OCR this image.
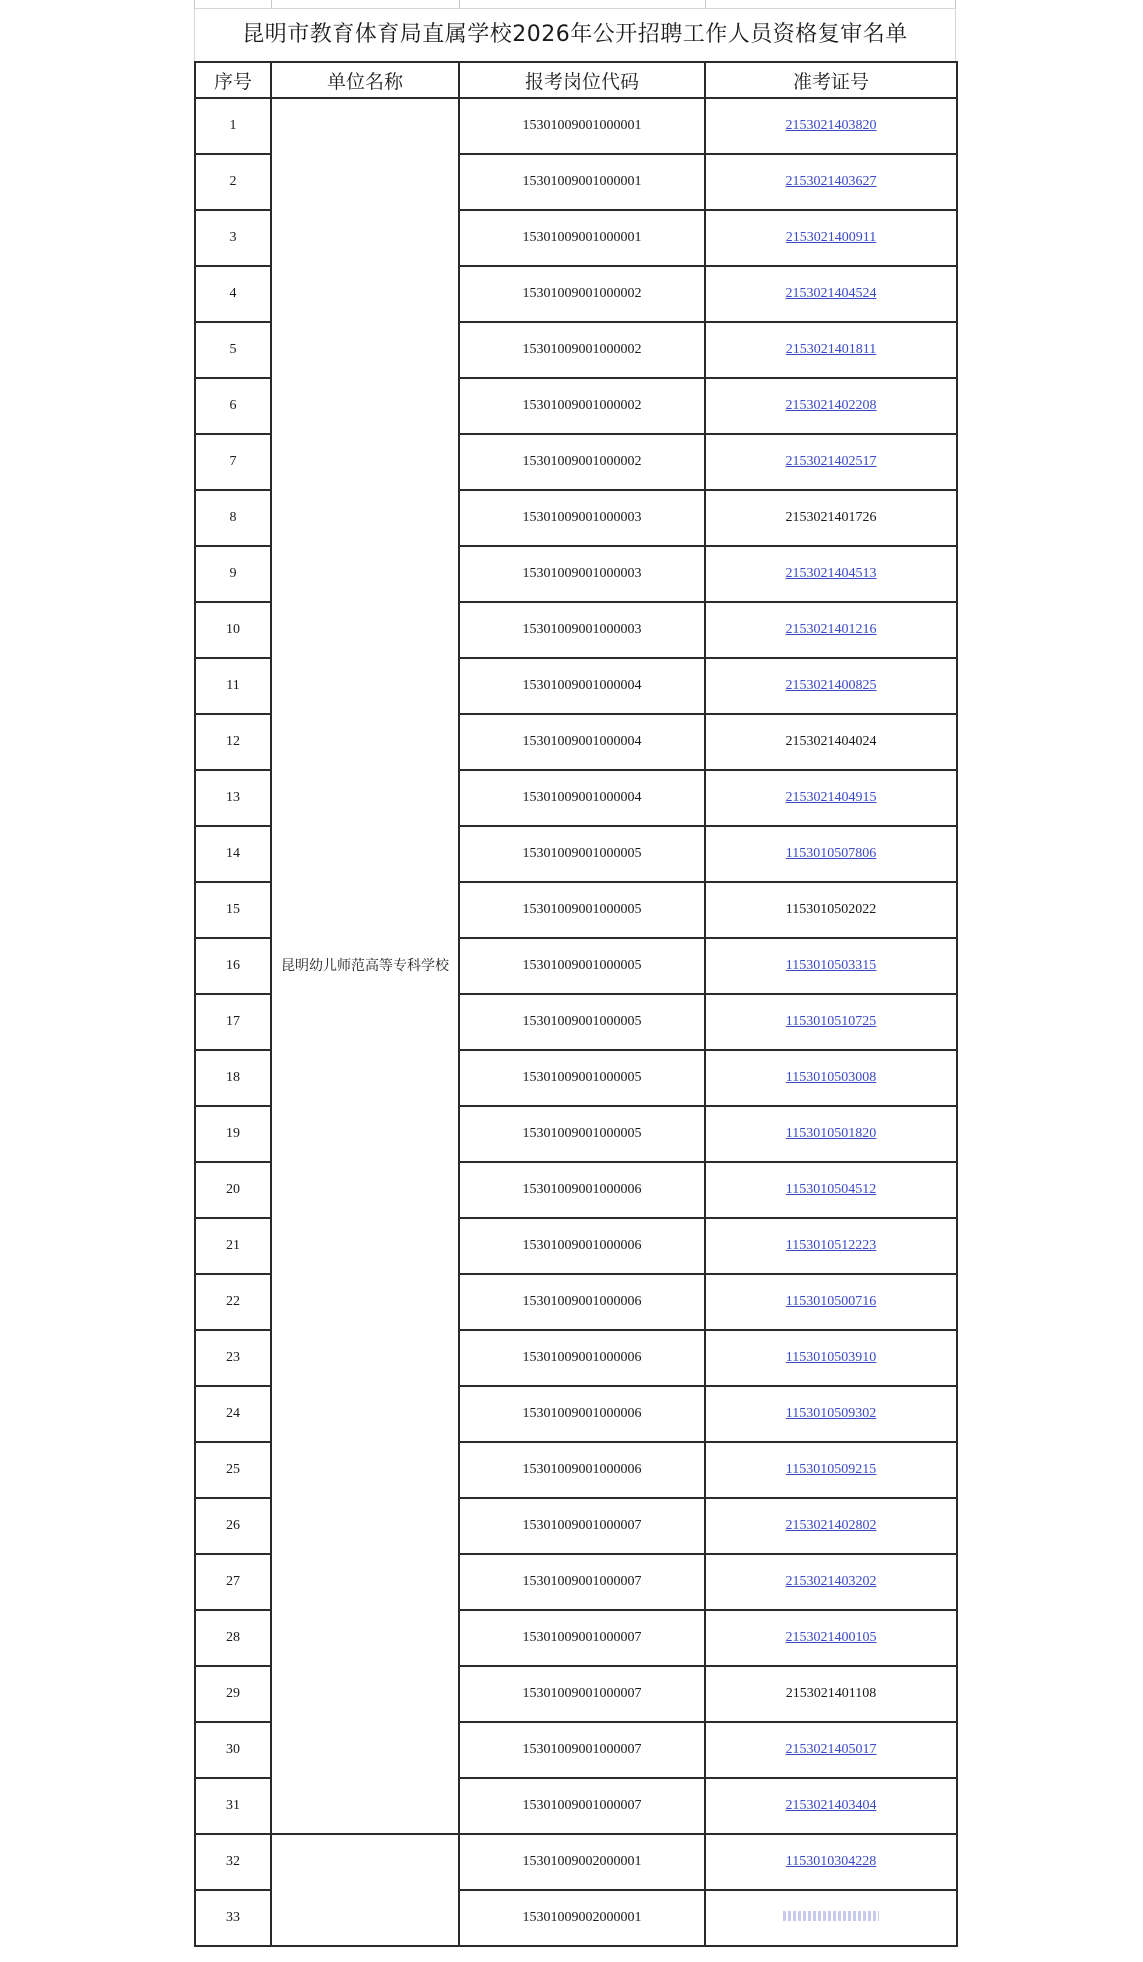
昆明市教育体育局直属学校2026年公开招聘工作人员资格复审名单
序号	单位名称	报考岗位代码	准考证号
1	昆明幼儿师范高等专科学校	15301009001000001	2153021403820
2		15301009001000001	2153021403627
3		15301009001000001	2153021400911
4		15301009001000002	2153021404524
5		15301009001000002	2153021401811
6		15301009001000002	2153021402208
7		15301009001000002	2153021402517
8		15301009001000003	2153021401726
9		15301009001000003	2153021404513
10		15301009001000003	2153021401216
11		15301009001000004	2153021400825
12		15301009001000004	2153021404024
13		15301009001000004	2153021404915
14		15301009001000005	1153010507806
15		15301009001000005	1153010502022
16		15301009001000005	1153010503315
17		15301009001000005	1153010510725
18		15301009001000005	1153010503008
19		15301009001000005	1153010501820
20		15301009001000006	1153010504512
21		15301009001000006	1153010512223
22		15301009001000006	1153010500716
23		15301009001000006	1153010503910
24		15301009001000006	1153010509302
25		15301009001000006	1153010509215
26		15301009001000007	2153021402802
27		15301009001000007	2153021403202
28		15301009001000007	2153021400105
29		15301009001000007	2153021401108
30		15301009001000007	2153021405017
31		15301009001000007	2153021403404
32		15301009002000001	1153010304228
33		15301009002000001	
